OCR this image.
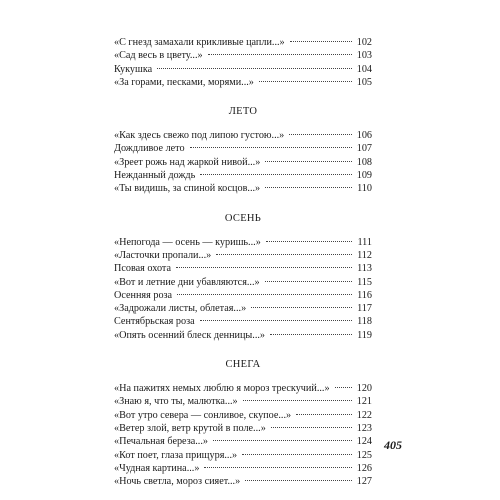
«С гнезд замахали крикливые цапли...»	102
«Сад весь в цвету...»	103
Кукушка	104
«За горами, песками, морями...»	105
ЛЕТО
«Как здесь свежо под липою густою...»	106
Дождливое лето	107
«Зреет рожь над жаркой нивой...»	108
Нежданный дождь	109
«Ты видишь, за спиной косцов...»	110
ОСЕНЬ
«Непогода — осень — куришь...»	111
«Ласточки пропали...»	112
Псовая охота	113
«Вот и летние дни убавляются...»	115
Осенняя роза	116
«Задрожали листы, облетая...»	117
Сентябрьская роза	118
«Опять осенний блеск денницы...»	119
СНЕГА
«На пажитях немых люблю я мороз трескучий...»	120
«Знаю я, что ты, малютка...»	121
«Вот утро севера — сонливое, скупое...»	122
«Ветер злой, ветр крутой в поле...»	123
«Печальная береза...»	124
«Кот поет, глаза прищуря...»	125
«Чудная картина...»	126
«Ночь светла, мороз сияет...»	127
405
